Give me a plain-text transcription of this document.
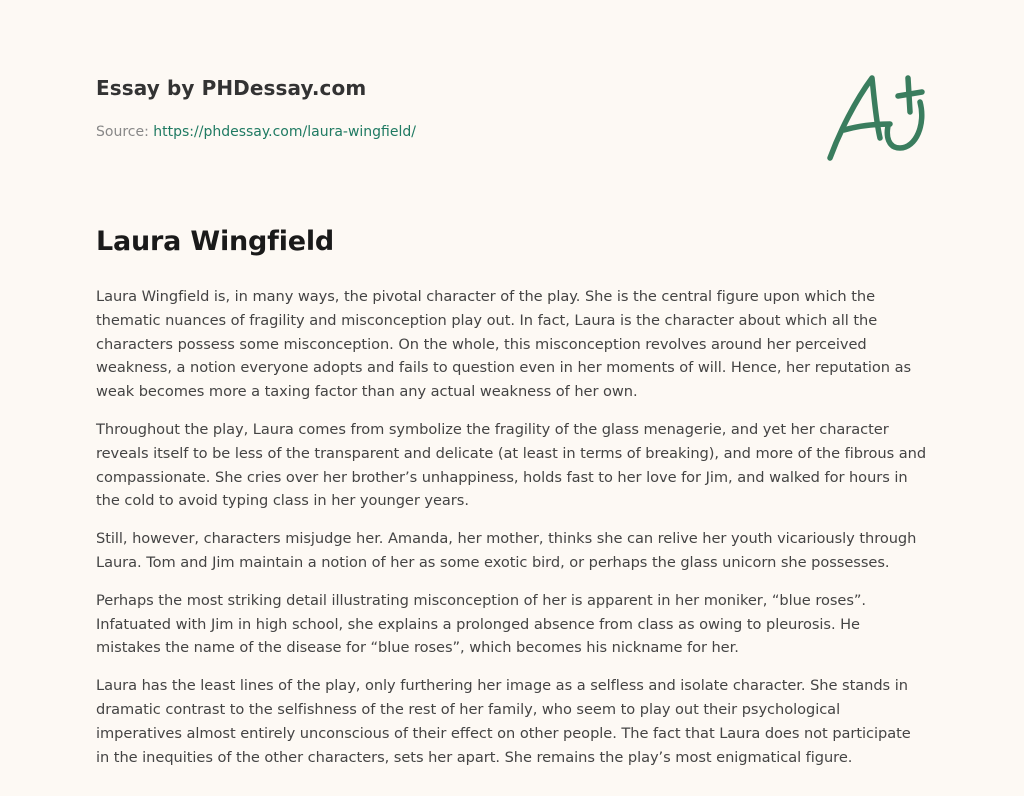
Essay by PHDessay.com
Source: https://phdessay.com/laura-wingfield/
Laura Wingfield

Laura Wingfield is, in many ways, the pivotal character of the play. She is the central figure upon which the thematic nuances of fragility and misconception play out. In fact, Laura is the character about which all the characters possess some misconception. On the whole, this misconception revolves around her perceived weakness, a notion everyone adopts and fails to question even in her moments of will. Hence, her reputation as weak becomes more a taxing factor than any actual weakness of her own.

Throughout the play, Laura comes from symbolize the fragility of the glass menagerie, and yet her character reveals itself to be less of the transparent and delicate (at least in terms of breaking), and more of the fibrous and compassionate. She cries over her brother’s unhappiness, holds fast to her love for Jim, and walked for hours in the cold to avoid typing class in her younger years.

Still, however, characters misjudge her. Amanda, her mother, thinks she can relive her youth vicariously through Laura. Tom and Jim maintain a notion of her as some exotic bird, or perhaps the glass unicorn she possesses.

Perhaps the most striking detail illustrating misconception of her is apparent in her moniker, “blue roses”. Infatuated with Jim in high school, she explains a prolonged absence from class as owing to pleurosis. He mistakes the name of the disease for “blue roses”, which becomes his nickname for her.

Laura has the least lines of the play, only furthering her image as a selfless and isolate character. She stands in dramatic contrast to the selfishness of the rest of her family, who seem to play out their psychological imperatives almost entirely unconscious of their effect on other people. The fact that Laura does not participate in the inequities of the other characters, sets her apart. She remains the play’s most enigmatical figure.
